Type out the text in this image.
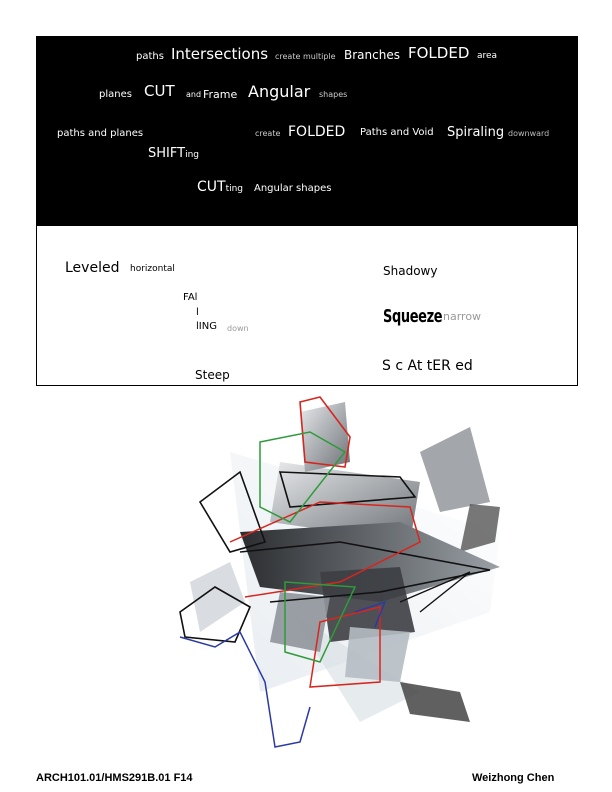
paths Intersections create multiple Branches FOLDED area
planes CUT and Frame Angular shapes
paths and planes	create FOLDED Paths and Void Spiraling downward
SHIFTing
CUTting Angular shapes
Leveled horizontal
FAl
l
lING down
Steep
Shadowy
Squeeze narrow
S c At tER ed
ARCH101.01/HMS291B.01 F14	Weizhong Chen
